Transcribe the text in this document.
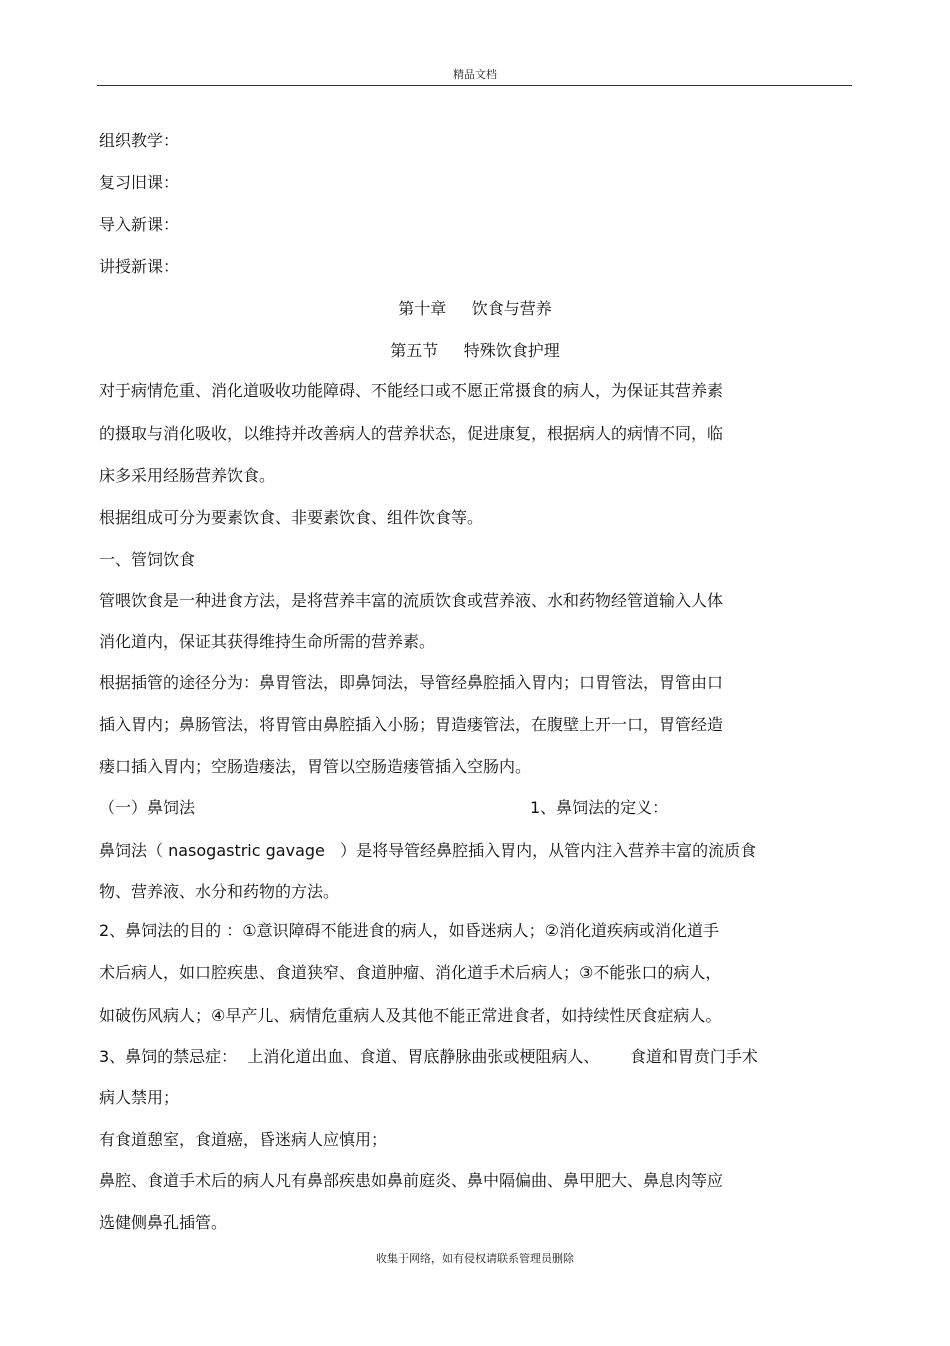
精品文档
组织教学：
复习旧课：
导入新课：
讲授新课：
第十章     饮食与营养
第五节     特殊饮食护理
对于病情危重、消化道吸收功能障碍、不能经口或不愿正常摄食的病人，为保证其营养素
的摄取与消化吸收，以维持并改善病人的营养状态，促进康复，根据病人的病情不同，临
床多采用经肠营养饮食。
根据组成可分为要素饮食、非要素饮食、组件饮食等。
一、管饲饮食
管喂饮食是一种进食方法，是将营养丰富的流质饮食或营养液、水和药物经管道输入人体
消化道内，保证其获得维持生命所需的营养素。
根据插管的途径分为：鼻胃管法，即鼻饲法，导管经鼻腔插入胃内；口胃管法，胃管由口
插入胃内；鼻肠管法，将胃管由鼻腔插入小肠；胃造瘘管法，在腹壁上开一口，胃管经造
瘘口插入胃内；空肠造瘘法，胃管以空肠造瘘管插入空肠内。
（一）鼻饲法	1、鼻饲法的定义：
鼻饲法（ nasogastric gavage   ）是将导管经鼻腔插入胃内，从管内注入营养丰富的流质食
物、营养液、水分和药物的方法。
2、鼻饲法的目的 ：①意识障碍不能进食的病人，如昏迷病人；②消化道疾病或消化道手
术后病人，如口腔疾患、食道狭窄、食道肿瘤、消化道手术后病人；③不能张口的病人，
如破伤风病人；④早产儿、病情危重病人及其他不能正常进食者，如持续性厌食症病人。
3、鼻饲的禁忌症：  上消化道出血、食道、胃底静脉曲张或梗阻病人、      食道和胃贲门手术
病人禁用；
有食道憩室，食道癌，昏迷病人应慎用；
鼻腔、食道手术后的病人凡有鼻部疾患如鼻前庭炎、鼻中隔偏曲、鼻甲肥大、鼻息肉等应
选健侧鼻孔插管。
收集于网络，如有侵权请联系管理员删除
